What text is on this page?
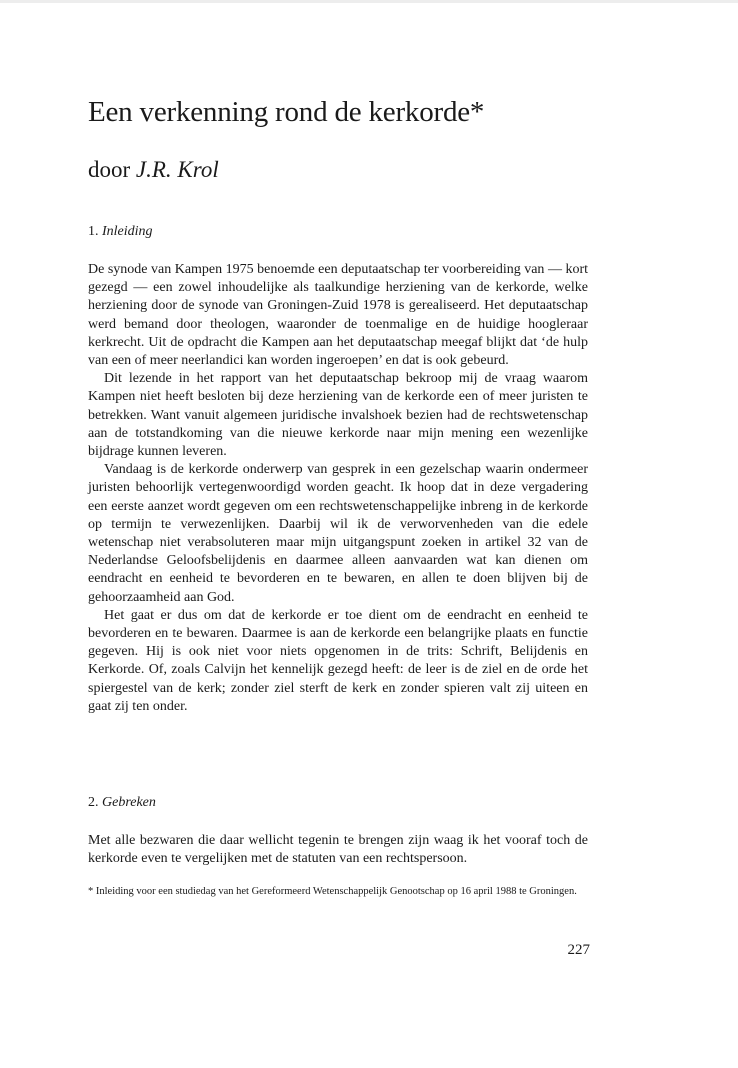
Een verkenning rond de kerkorde*
door J.R. Krol
1. Inleiding

De synode van Kampen 1975 benoemde een deputaatschap ter voorbereiding van — kort gezegd — een zowel inhoudelijke als taalkundige herziening van de kerkorde, welke herziening door de synode van Groningen-Zuid 1978 is gerealiseerd. Het deputaatschap werd bemand door theologen, waaronder de toenmalige en de huidige hoogleraar kerkrecht. Uit de opdracht die Kampen aan het deputaatschap meegaf blijkt dat ‘de hulp van een of meer neerlandici kan worden ingeroepen’ en dat is ook gebeurd.

Dit lezende in het rapport van het deputaatschap bekroop mij de vraag waarom Kampen niet heeft besloten bij deze herziening van de kerkorde een of meer juristen te betrekken. Want vanuit algemeen juridische invalshoek bezien had de rechtswetenschap aan de totstandkoming van die nieuwe kerkorde naar mijn mening een wezenlijke bijdrage kunnen leveren.

Vandaag is de kerkorde onderwerp van gesprek in een gezelschap waarin ondermeer juristen behoorlijk vertegenwoordigd worden geacht. Ik hoop dat in deze vergadering een eerste aanzet wordt gegeven om een rechtswetenschappelijke inbreng in de kerkorde op termijn te verwezenlijken. Daarbij wil ik de verworvenheden van die edele wetenschap niet verabsoluteren maar mijn uitgangspunt zoeken in artikel 32 van de Nederlandse Geloofsbelijdenis en daarmee alleen aanvaarden wat kan dienen om eendracht en eenheid te bevorderen en te bewaren, en allen te doen blijven bij de gehoorzaamheid aan God.

Het gaat er dus om dat de kerkorde er toe dient om de eendracht en eenheid te bevorderen en te bewaren. Daarmee is aan de kerkorde een belangrijke plaats en functie gegeven. Hij is ook niet voor niets opgenomen in de trits: Schrift, Belijdenis en Kerkorde. Of, zoals Calvijn het kennelijk gezegd heeft: de leer is de ziel en de orde het spiergestel van de kerk; zonder ziel sterft de kerk en zonder spieren valt zij uiteen en gaat zij ten onder.

2. Gebreken

Met alle bezwaren die daar wellicht tegenin te brengen zijn waag ik het vooraf toch de kerkorde even te vergelijken met de statuten van een rechtspersoon.

* Inleiding voor een studiedag van het Gereformeerd Wetenschappelijk Genootschap op 16 april 1988 te Groningen.
227
